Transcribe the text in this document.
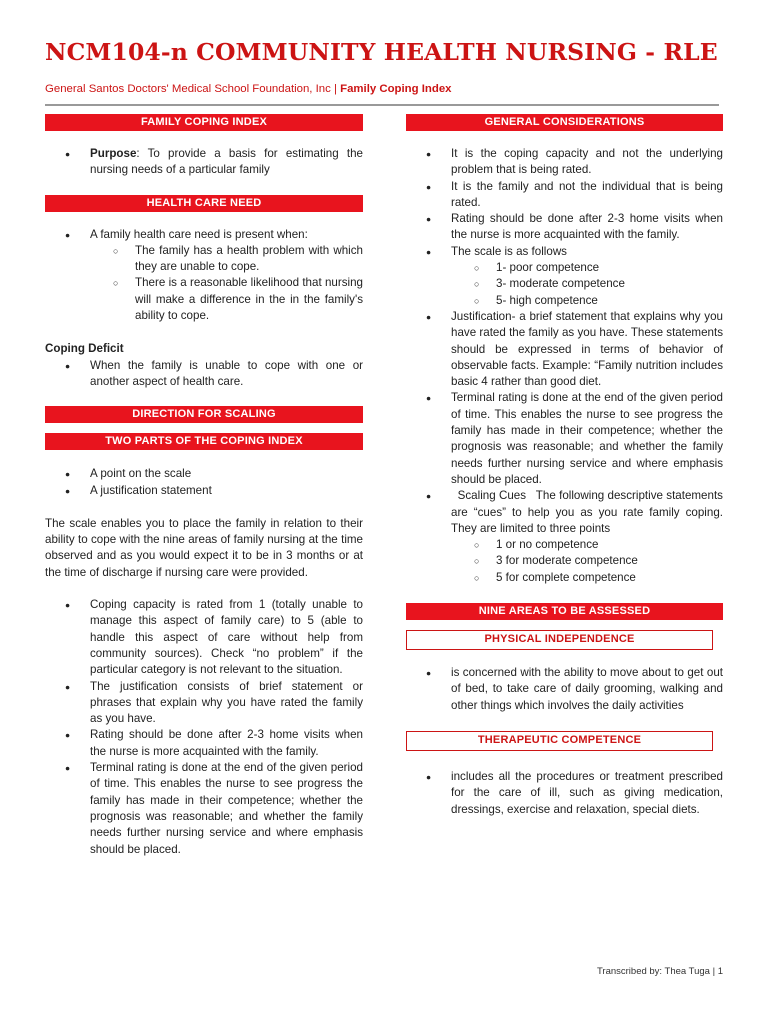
NCM104-n COMMUNITY HEALTH NURSING - RLE
General Santos Doctors' Medical School Foundation, Inc | Family Coping Index
FAMILY COPING INDEX
● Purpose: To provide a basis for estimating the nursing needs of a particular family
HEALTH CARE NEED
● A family health care need is present when:
○ The family has a health problem with which they are unable to cope.
○ There is a reasonable likelihood that nursing will make a difference in the in the family's ability to cope.
Coping Deficit
● When the family is unable to cope with one or another aspect of health care.
DIRECTION FOR SCALING
TWO PARTS OF THE COPING INDEX
● A point on the scale
● A justification statement

The scale enables you to place the family in relation to their ability to cope with the nine areas of family nursing at the time observed and as you would expect it to be in 3 months or at the time of discharge if nursing care were provided.

● Coping capacity is rated from 1 (totally unable to manage this aspect of family care) to 5 (able to handle this aspect of care without help from community sources). Check “no problem” if the particular category is not relevant to the situation.
● The justification consists of brief statement or phrases that explain why you have rated the family as you have.
● Rating should be done after 2-3 home visits when the nurse is more acquainted with the family.
● Terminal rating is done at the end of the given period of time. This enables the nurse to see progress the family has made in their competence; whether the prognosis was reasonable; and whether the family needs further nursing service and where emphasis should be placed.
GENERAL CONSIDERATIONS
● It is the coping capacity and not the underlying problem that is being rated.
● It is the family and not the individual that is being rated.
● Rating should be done after 2-3 home visits when the nurse is more acquainted with the family.
● The scale is as follows
○ 1- poor competence
○ 3- moderate competence
○ 5- high competence
● Justification- a brief statement that explains why you have rated the family as you have. These statements should be expressed in terms of behavior of observable facts. Example: “Family nutrition includes basic 4 rather than good diet.
● Terminal rating is done at the end of the given period of time. This enables the nurse to see progress the family has made in their competence; whether the prognosis was reasonable; and whether the family needs further nursing service and where emphasis should be placed.
●   Scaling Cues   The following descriptive statements are “cues” to help you as you rate family coping. They are limited to three points
○ 1 or no competence
○ 3 for moderate competence
○ 5 for complete competence
NINE AREAS TO BE ASSESSED
PHYSICAL INDEPENDENCE
● is concerned with the ability to move about to get out of bed, to take care of daily grooming, walking and other things which involves the daily activities
THERAPEUTIC COMPETENCE
● includes all the procedures or treatment prescribed for the care of ill, such as giving medication, dressings, exercise and relaxation, special diets.
Transcribed by: Thea Tuga | 1
